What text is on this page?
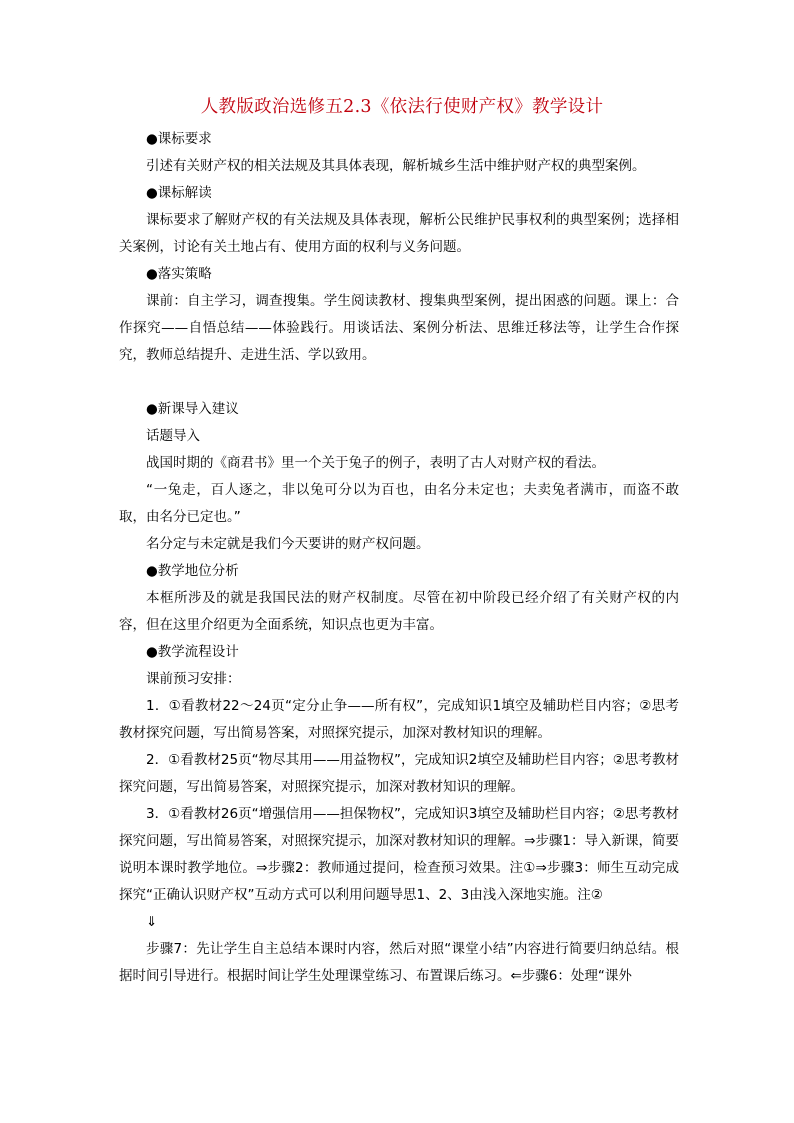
人教版政治选修五2.3《依法行使财产权》教学设计

●课标要求

引述有关财产权的相关法规及其具体表现，解析城乡生活中维护财产权的典型案例。

●课标解读

课标要求了解财产权的有关法规及具体表现，解析公民维护民事权利的典型案例；选择相关案例，讨论有关土地占有、使用方面的权利与义务问题。

●落实策略

课前：自主学习，调查搜集。学生阅读教材、搜集典型案例，提出困惑的问题。课上：合作探究——自悟总结——体验践行。用谈话法、案例分析法、思维迁移法等，让学生合作探究，教师总结提升、走进生活、学以致用。

●新课导入建议

话题导入

战国时期的《商君书》里一个关于兔子的例子，表明了古人对财产权的看法。

“一兔走，百人逐之，非以兔可分以为百也，由名分未定也；夫卖兔者满市，而盗不敢取，由名分已定也。”

名分定与未定就是我们今天要讲的财产权问题。

●教学地位分析

本框所涉及的就是我国民法的财产权制度。尽管在初中阶段已经介绍了有关财产权的内容，但在这里介绍更为全面系统，知识点也更为丰富。

●教学流程设计

课前预习安排：

1．①看教材22～24页“定分止争——所有权”，完成知识1填空及辅助栏目内容；②思考教材探究问题，写出简易答案，对照探究提示，加深对教材知识的理解。

2．①看教材25页“物尽其用——用益物权”，完成知识2填空及辅助栏目内容；②思考教材探究问题，写出简易答案，对照探究提示，加深对教材知识的理解。

3．①看教材26页“增强信用——担保物权”，完成知识3填空及辅助栏目内容；②思考教材探究问题，写出简易答案，对照探究提示，加深对教材知识的理解。⇒步骤1：导入新课，简要说明本课时教学地位。⇒步骤2：教师通过提问，检查预习效果。注①⇒步骤3：师生互动完成探究“正确认识财产权”互动方式可以利用问题导思1、2、3由浅入深地实施。注②

⇓

步骤7：先让学生自主总结本课时内容，然后对照“课堂小结”内容进行简要归纳总结。根据时间引导进行。根据时间让学生处理课堂练习、布置课后练习。⇐步骤6：处理“课外
